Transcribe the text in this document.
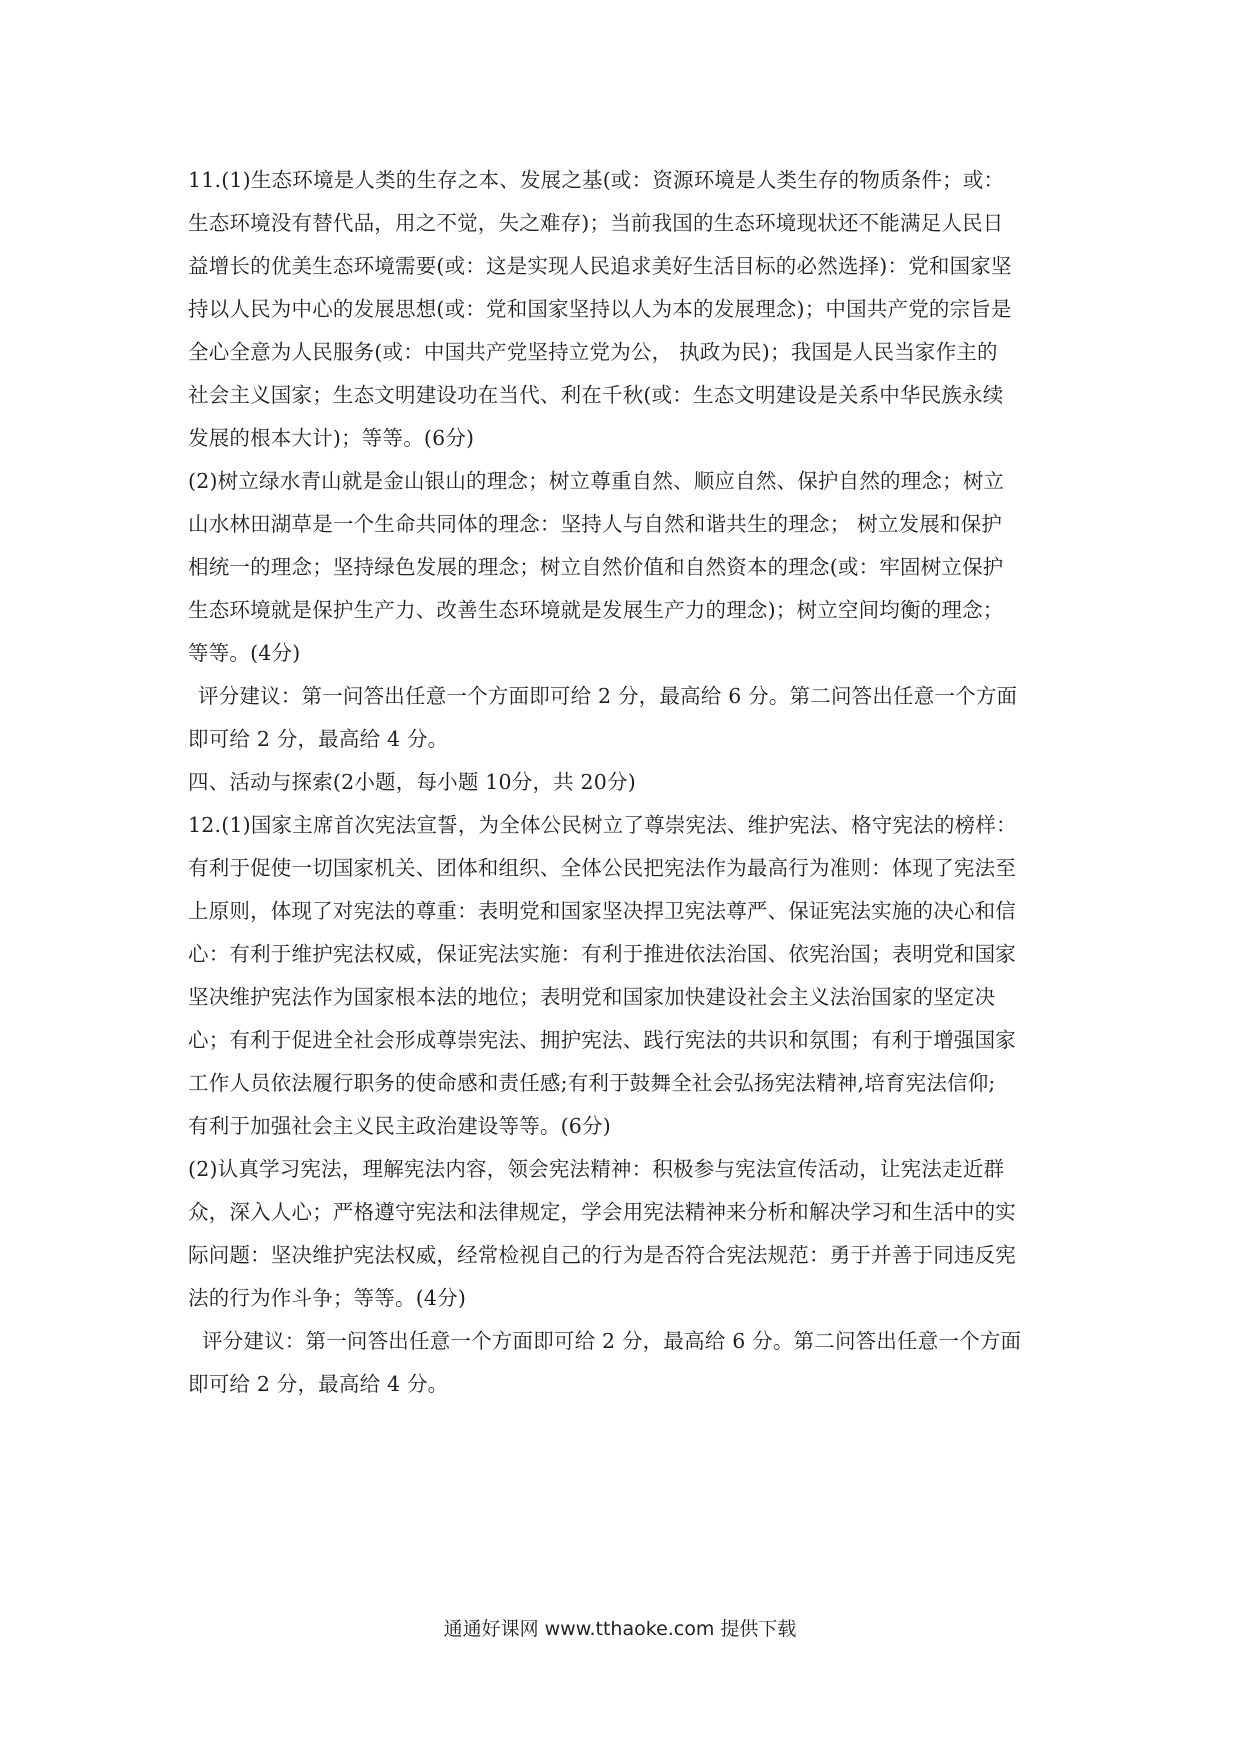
11.(1)生态环境是人类的生存之本、发展之基(或：资源环境是人类生存的物质条件；或：
生态环境没有替代品，用之不觉，失之难存)；当前我国的生态环境现状还不能满足人民日
益增长的优美生态环境需要(或：这是实现人民追求美好生活目标的必然选择)：党和国家坚
持以人民为中心的发展思想(或：党和国家坚持以人为本的发展理念)；中国共产党的宗旨是
全心全意为人民服务(或：中国共产党坚持立党为公， 执政为民)；我国是人民当家作主的
社会主义国家；生态文明建设功在当代、利在千秋(或：生态文明建设是关系中华民族永续
发展的根本大计)；等等。(6分)
(2)树立绿水青山就是金山银山的理念；树立尊重自然、顺应自然、保护自然的理念；树立
山水林田湖草是一个生命共同体的理念：坚持人与自然和谐共生的理念； 树立发展和保护
相统一的理念；坚持绿色发展的理念；树立自然价值和自然资本的理念(或：牢固树立保护
生态环境就是保护生产力、改善生态环境就是发展生产力的理念)；树立空间均衡的理念；
等等。(4分)
评分建议：第一问答出任意一个方面即可给 2 分，最高给 6 分。第二问答出任意一个方面
即可给 2 分，最高给 4 分。
四、活动与探索(2小题，每小题 10分，共 20分)
12.(1)国家主席首次宪法宣誓，为全体公民树立了尊崇宪法、维护宪法、格守宪法的榜样：
有利于促使一切国家机关、团体和组织、全体公民把宪法作为最高行为准则：体现了宪法至
上原则，体现了对宪法的尊重：表明党和国家坚决捍卫宪法尊严、保证宪法实施的决心和信
心：有利于维护宪法权威，保证宪法实施：有利于推进依法治国、依宪治国；表明党和国家
坚决维护宪法作为国家根本法的地位；表明党和国家加快建设社会主义法治国家的坚定决
心；有利于促进全社会形成尊崇宪法、拥护宪法、践行宪法的共识和氛围；有利于增强国家
工作人员依法履行职务的使命感和责任感;有利于鼓舞全社会弘扬宪法精神,培育宪法信仰;
有利于加强社会主义民主政治建设等等。(6分)
(2)认真学习宪法，理解宪法内容，领会宪法精神：积极参与宪法宣传活动，让宪法走近群
众，深入人心；严格遵守宪法和法律规定，学会用宪法精神来分析和解决学习和生活中的实
际问题：坚决维护宪法权威，经常检视自己的行为是否符合宪法规范：勇于并善于同违反宪
法的行为作斗争；等等。(4分)
评分建议：第一问答出任意一个方面即可给 2 分，最高给 6 分。第二问答出任意一个方面
即可给 2 分，最高给 4 分。
通通好课网 www.tthaoke.com 提供下载
